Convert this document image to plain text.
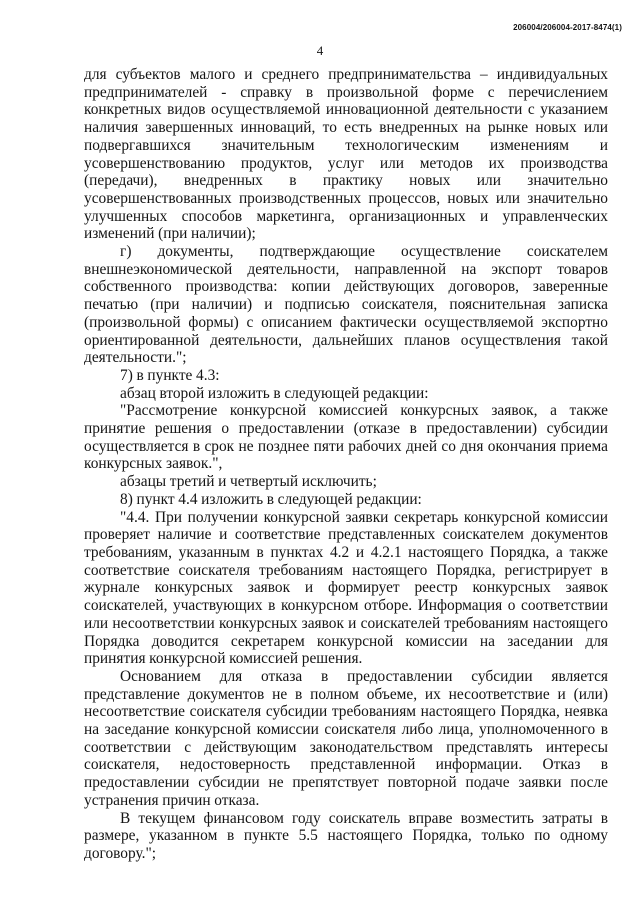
206004/206004-2017-8474(1)
4

для субъектов малого и среднего предпринимательства – индивидуальных предпринимателей - справку в произвольной форме с перечислением конкретных видов осуществляемой инновационной деятельности с указанием наличия завершенных инноваций, то есть внедренных на рынке новых или подвергавшихся значительным технологическим изменениям и усовершенствованию продуктов, услуг или методов их производства (передачи), внедренных в практику новых или значительно усовершенствованных производственных процессов, новых или значительно улучшенных способов маркетинга, организационных и управленческих изменений (при наличии);

г) документы, подтверждающие осуществление соискателем внешнеэкономической деятельности, направленной на экспорт товаров собственного производства: копии действующих договоров, заверенные печатью (при наличии) и подписью соискателя, пояснительная записка (произвольной формы) с описанием фактически осуществляемой экспортно ориентированной деятельности, дальнейших планов осуществления такой деятельности.";

7) в пункте 4.3:

абзац второй изложить в следующей редакции:

"Рассмотрение конкурсной комиссией конкурсных заявок, а также принятие решения о предоставлении (отказе в предоставлении) субсидии осуществляется в срок не позднее пяти рабочих дней со дня окончания приема конкурсных заявок.",

абзацы третий и четвертый исключить;

8) пункт 4.4 изложить в следующей редакции:

"4.4. При получении конкурсной заявки секретарь конкурсной комиссии проверяет наличие и соответствие представленных соискателем документов требованиям, указанным в пунктах 4.2 и 4.2.1 настоящего Порядка, а также соответствие соискателя требованиям настоящего Порядка, регистрирует в журнале конкурсных заявок и формирует реестр конкурсных заявок соискателей, участвующих в конкурсном отборе. Информация о соответствии или несоответствии конкурсных заявок и соискателей требованиям настоящего Порядка доводится секретарем конкурсной комиссии на заседании для принятия конкурсной комиссией решения.

Основанием для отказа в предоставлении субсидии является представление документов не в полном объеме, их несоответствие и (или) несоответствие соискателя субсидии требованиям настоящего Порядка, неявка на заседание конкурсной комиссии соискателя либо лица, уполномоченного в соответствии с действующим законодательством представлять интересы соискателя, недостоверность представленной информации. Отказ в предоставлении субсидии не препятствует повторной подаче заявки после устранения причин отказа.

В текущем финансовом году соискатель вправе возместить затраты в размере, указанном в пункте 5.5 настоящего Порядка, только по одному договору.";
